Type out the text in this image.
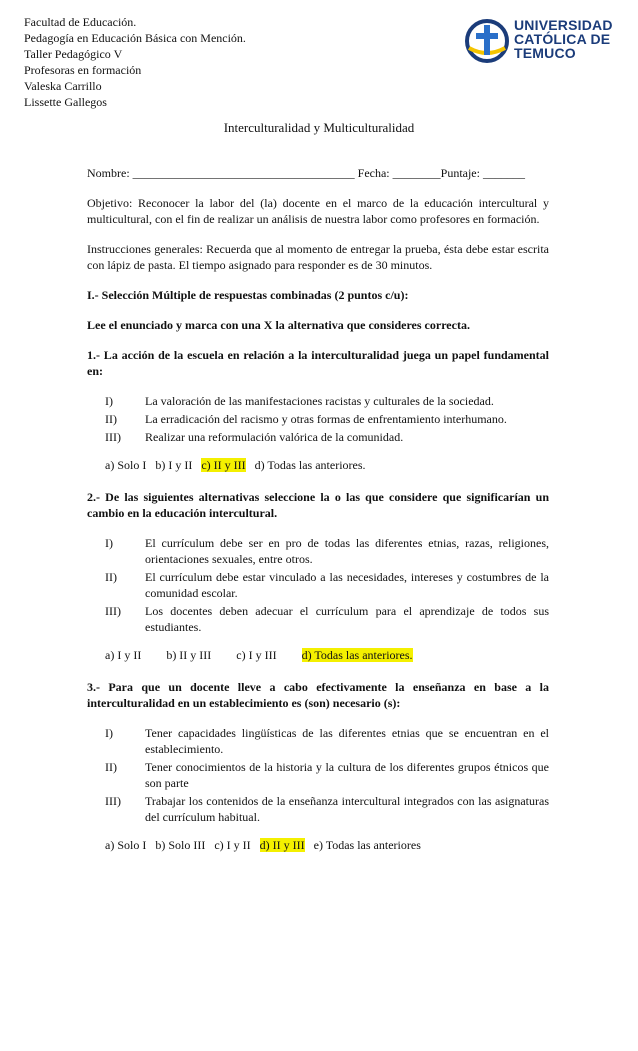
Facultad de Educación.
Pedagogía en Educación Básica con Mención.
Taller Pedagógico V
Profesoras en formación
Valeska Carrillo
Lissette Gallegos
UNIVERSIDAD
CATÓLICA DE
TEMUCO
Interculturalidad y Multiculturalidad

Nombre: _____________________________________ Fecha: ________Puntaje: _______

Objetivo: Reconocer la labor del (la) docente en el marco de la educación intercultural y multicultural, con el fin de realizar un análisis de nuestra labor como profesores en formación.

Instrucciones generales: Recuerda que al momento de entregar la prueba, ésta debe estar escrita con lápiz de pasta. El tiempo asignado para responder es de 30 minutos.

I.- Selección Múltiple de respuestas combinadas (2 puntos c/u):

Lee el enunciado y marca con una X la alternativa que consideres correcta.

1.- La acción de la escuela en relación a la interculturalidad juega un papel fundamental en:

I)	La valoración de las manifestaciones racistas y culturales de la sociedad.
II)	La erradicación del racismo y otras formas de enfrentamiento interhumano.
III)	Realizar una reformulación valórica de la comunidad.
a) Solo I b) I y II c) II y III d) Todas las anteriores.

2.- De las siguientes alternativas seleccione la o las que considere que significarían un cambio en la educación intercultural.

I)	El currículum debe ser en pro de todas las diferentes etnias, razas, religiones, orientaciones sexuales, entre otros.
II)	El currículum debe estar vinculado a las necesidades, intereses y costumbres de la comunidad escolar.
III)	Los docentes deben adecuar el currículum para el aprendizaje de todos sus estudiantes.
a) I y II b) II y III c) I y III d) Todas las anteriores.

3.- Para que un docente lleve a cabo efectivamente la enseñanza en base a la interculturalidad en un establecimiento es (son) necesario (s):

I)	Tener capacidades lingüísticas de las diferentes etnias que se encuentran en el establecimiento.
II)	Tener conocimientos de la historia y la cultura de los diferentes grupos étnicos que son parte
III)	Trabajar los contenidos de la enseñanza intercultural integrados con las asignaturas del currículum habitual.
a) Solo I b) Solo III c) I y II d) II y III e) Todas las anteriores
